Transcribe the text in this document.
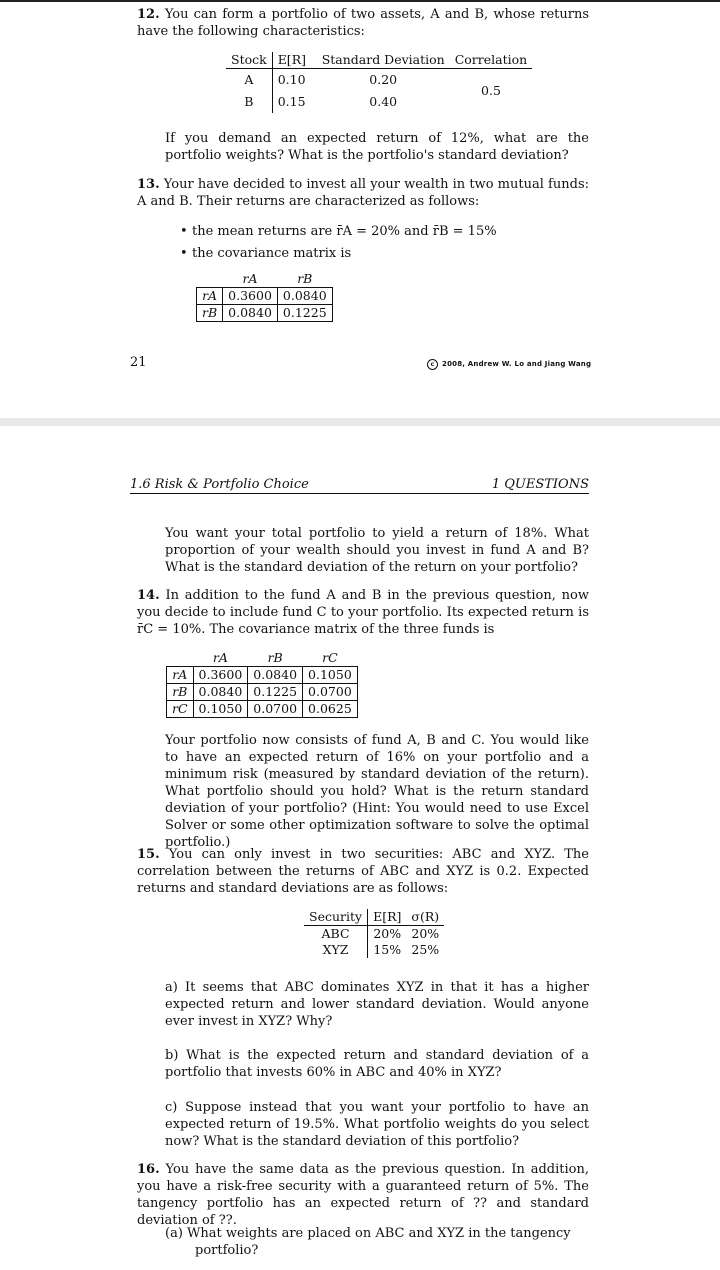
12. You can form a portfolio of two assets, A and B, whose returns have the following characteristics:
Stock	E[R]	Standard Deviation	Correlation
A	0.10	0.20	0.5
B	0.15	0.40	
If you demand an expected return of 12%, what are the portfolio weights? What is the portfolio's standard deviation?
13. Your have decided to invest all your wealth in two mutual funds: A and B. Their returns are characterized as follows:
• the mean returns are r̄A = 20% and r̄B = 15%
• the covariance matrix is
	rA	rB
rA	0.3600	0.0840
rB	0.0840	0.1225
21	c 2008, Andrew W. Lo and Jiang Wang
1.6 Risk & Portfolio Choice	1 QUESTIONS
You want your total portfolio to yield a return of 18%. What proportion of your wealth should you invest in fund A and B? What is the standard deviation of the return on your portfolio?
14. In addition to the fund A and B in the previous question, now you decide to include fund C to your portfolio. Its expected return is r̄C = 10%. The covariance matrix of the three funds is
	rA	rB	rC
rA	0.3600	0.0840	0.1050
rB	0.0840	0.1225	0.0700
rC	0.1050	0.0700	0.0625
Your portfolio now consists of fund A, B and C. You would like to have an expected return of 16% on your portfolio and a minimum risk (measured by standard deviation of the return). What portfolio should you hold? What is the return standard deviation of your portfolio? (Hint: You would need to use Excel Solver or some other optimization software to solve the optimal portfolio.)
15. You can only invest in two securities: ABC and XYZ. The correlation between the returns of ABC and XYZ is 0.2. Expected returns and standard deviations are as follows:
Security	E[R]	σ(R)
ABC	20%	20%
XYZ	15%	25%
a) It seems that ABC dominates XYZ in that it has a higher expected return and lower standard deviation. Would anyone ever invest in XYZ? Why?
b) What is the expected return and standard deviation of a portfolio that invests 60% in ABC and 40% in XYZ?
c) Suppose instead that you want your portfolio to have an expected return of 19.5%. What portfolio weights do you select now? What is the standard deviation of this portfolio?
16. You have the same data as the previous question. In addition, you have a risk-free security with a guaranteed return of 5%. The tangency portfolio has an expected return of ?? and standard deviation of ??.
(a) What weights are placed on ABC and XYZ in the tangency portfolio?
